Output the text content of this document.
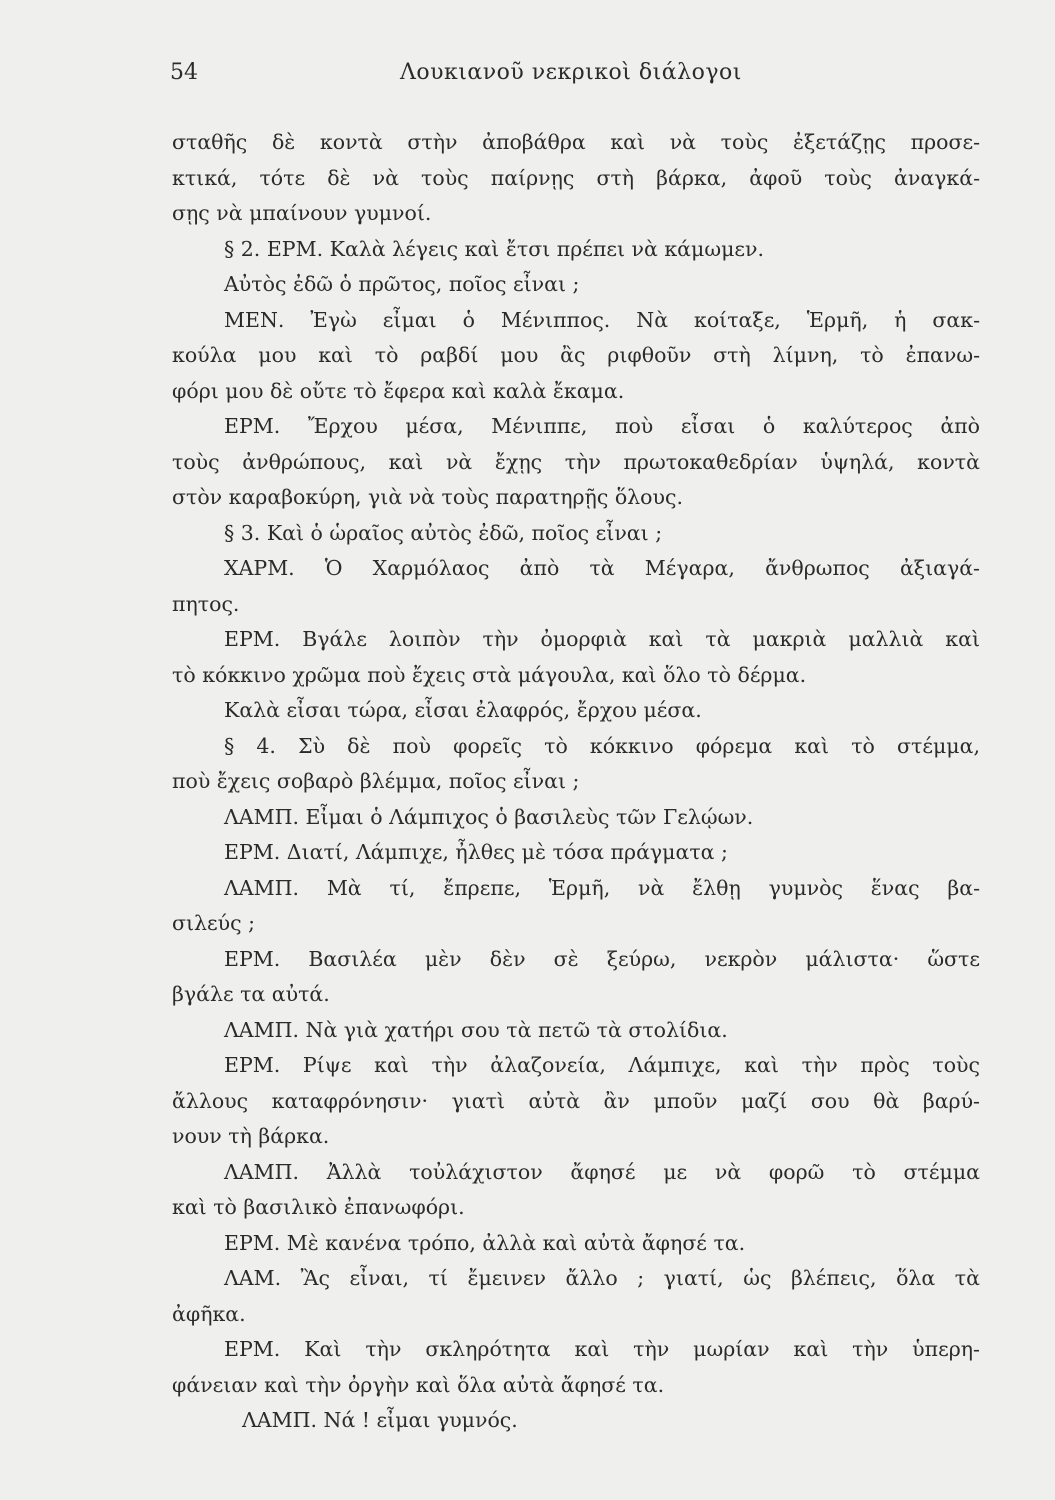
54	Λουκιανοῦ νεκρικοὶ διάλογοι
σταθῆς δὲ κοντὰ στὴν ἀποβάθρα καὶ νὰ τοὺς ἐξετάζῃς προσε-
κτικά, τότε δὲ νὰ τοὺς παίρνῃς στὴ βάρκα, ἀφοῦ τοὺς ἀναγκά-
σῃς νὰ μπαίνουν γυμνοί.
§ 2. ΕΡΜ. Καλὰ λέγεις καὶ ἔτσι πρέπει νὰ κάμωμεν.
Αὐτὸς ἐδῶ ὁ πρῶτος, ποῖος εἶναι ;
ΜΕΝ. Ἐγὼ εἶμαι ὁ Μένιππος. Νὰ κοίταξε, Ἑρμῆ, ἡ σακ-
κούλα μου καὶ τὸ ραβδί μου ἂς ριφθοῦν στὴ λίμνη, τὸ ἐπανω-
φόρι μου δὲ οὔτε τὸ ἔφερα καὶ καλὰ ἔκαμα.
ΕΡΜ. Ἔρχου μέσα, Μένιππε, ποὺ εἶσαι ὁ καλύτερος ἀπὸ
τοὺς ἀνθρώπους, καὶ νὰ ἔχῃς τὴν πρωτοκαθεδρίαν ὑψηλά, κοντὰ
στὸν καραβοκύρη, γιὰ νὰ τοὺς παρατηρῇς ὅλους.
§ 3. Καὶ ὁ ὡραῖος αὐτὸς ἐδῶ, ποῖος εἶναι ;
ΧΑΡΜ. Ὁ Χαρμόλαος ἀπὸ τὰ Μέγαρα, ἄνθρωπος ἀξιαγά-
πητος.
ΕΡΜ. Βγάλε λοιπὸν τὴν ὀμορφιὰ καὶ τὰ μακριὰ μαλλιὰ καὶ
τὸ κόκκινο χρῶμα ποὺ ἔχεις στὰ μάγουλα, καὶ ὅλο τὸ δέρμα.
Καλὰ εἶσαι τώρα, εἶσαι ἐλαφρός, ἔρχου μέσα.
§ 4. Σὺ δὲ ποὺ φορεῖς τὸ κόκκινο φόρεμα καὶ τὸ στέμμα,
ποὺ ἔχεις σοβαρὸ βλέμμα, ποῖος εἶναι ;
ΛΑΜΠ. Εἶμαι ὁ Λάμπιχος ὁ βασιλεὺς τῶν Γελῴων.
ΕΡΜ. Διατί, Λάμπιχε, ἦλθες μὲ τόσα πράγματα ;
ΛΑΜΠ. Μὰ τί, ἔπρεπε, Ἑρμῆ, νὰ ἔλθῃ γυμνὸς ἕνας βα-
σιλεύς ;
ΕΡΜ. Βασιλέα μὲν δὲν σὲ ξεύρω, νεκρὸν μάλιστα· ὥστε
βγάλε τα αὐτά.
ΛΑΜΠ. Νὰ γιὰ χατήρι σου τὰ πετῶ τὰ στολίδια.
ΕΡΜ. Ρίψε καὶ τὴν ἀλαζονεία, Λάμπιχε, καὶ τὴν πρὸς τοὺς
ἄλλους καταφρόνησιν· γιατὶ αὐτὰ ἂν μποῦν μαζί σου θὰ βαρύ-
νουν τὴ βάρκα.
ΛΑΜΠ. Ἀλλὰ τοὐλάχιστον ἄφησέ με νὰ φορῶ τὸ στέμμα
καὶ τὸ βασιλικὸ ἐπανωφόρι.
ΕΡΜ. Μὲ κανένα τρόπο, ἀλλὰ καὶ αὐτὰ ἄφησέ τα.
ΛΑΜ. Ἂς εἶναι, τί ἔμεινεν ἄλλο ; γιατί, ὡς βλέπεις, ὅλα τὰ
ἀφῆκα.
ΕΡΜ. Καὶ τὴν σκληρότητα καὶ τὴν μωρίαν καὶ τὴν ὑπερη-
φάνειαν καὶ τὴν ὀργὴν καὶ ὅλα αὐτὰ ἄφησέ τα.
ΛΑΜΠ. Νά ! εἶμαι γυμνός.
